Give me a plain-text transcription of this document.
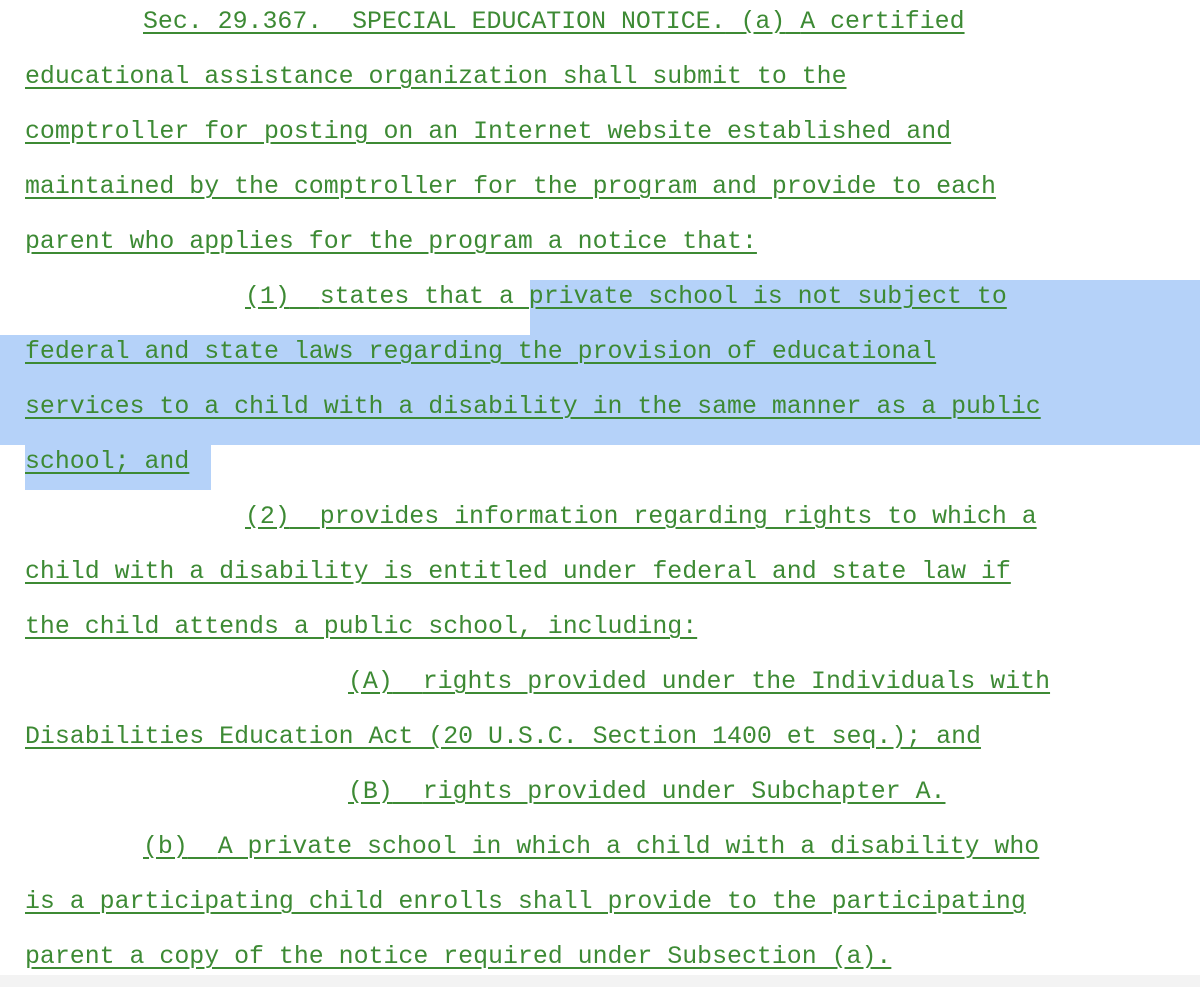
Sec. 29.367.  SPECIAL EDUCATION NOTICE. (a) A certified

educational assistance organization shall submit to the

comptroller for posting on an Internet website established and

maintained by the comptroller for the program and provide to each

parent who applies for the program a notice that:

(1) states that a private school is not subject to

federal and state laws regarding the provision of educational

services to a child with a disability in the same manner as a public

school; and

(2) provides information regarding rights to which a

child with a disability is entitled under federal and state law if

the child attends a public school, including:

(A) rights provided under the Individuals with

Disabilities Education Act (20 U.S.C. Section 1400 et seq.); and

(B) rights provided under Subchapter A.

(b) A private school in which a child with a disability who

is a participating child enrolls shall provide to the participating

parent a copy of the notice required under Subsection (a).
